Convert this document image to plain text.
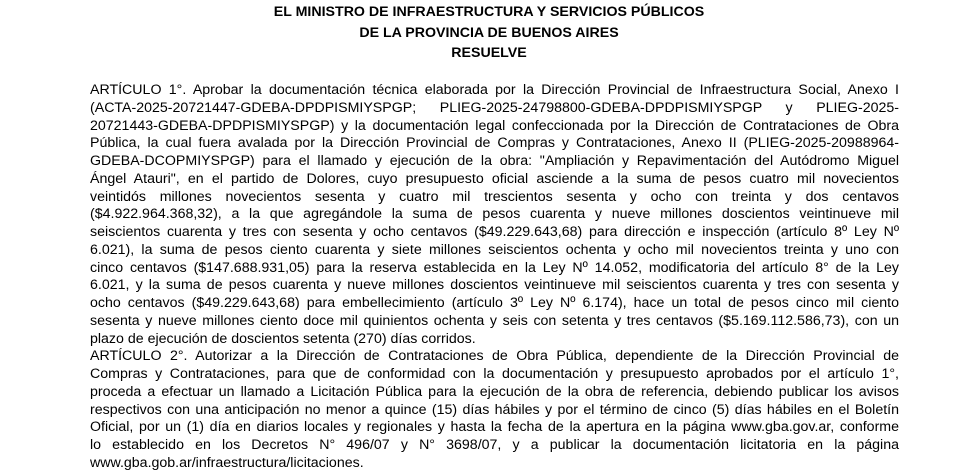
EL MINISTRO DE INFRAESTRUCTURA Y SERVICIOS PÚBLICOS
DE LA PROVINCIA DE BUENOS AIRES
RESUELVE
ARTÍCULO 1°. Aprobar la documentación técnica elaborada por la Dirección Provincial de Infraestructura Social, Anexo I
(ACTA-2025-20721447-GDEBA-DPDPISMIYSPGP; PLIEG-2025-24798800-GDEBA-DPDPISMIYSPGP y PLIEG-2025-
20721443-GDEBA-DPDPISMIYSPGP) y la documentación legal confeccionada por la Dirección de Contrataciones de Obra
Pública, la cual fuera avalada por la Dirección Provincial de Compras y Contrataciones, Anexo II (PLIEG-2025-20988964-
GDEBA-DCOPMIYSPGP) para el llamado y ejecución de la obra: "Ampliación y Repavimentación del Autódromo Miguel
Ángel Atauri", en el partido de Dolores, cuyo presupuesto oficial asciende a la suma de pesos cuatro mil novecientos
veintidós millones novecientos sesenta y cuatro mil trescientos sesenta y ocho con treinta y dos centavos
($4.922.964.368,32), a la que agregándole la suma de pesos cuarenta y nueve millones doscientos veintinueve mil
seiscientos cuarenta y tres con sesenta y ocho centavos ($49.229.643,68) para dirección e inspección (artículo 8º Ley Nº
6.021), la suma de pesos ciento cuarenta y siete millones seiscientos ochenta y ocho mil novecientos treinta y uno con
cinco centavos ($147.688.931,05) para la reserva establecida en la Ley Nº 14.052, modificatoria del artículo 8° de la Ley
6.021, y la suma de pesos cuarenta y nueve millones doscientos veintinueve mil seiscientos cuarenta y tres con sesenta y
ocho centavos ($49.229.643,68) para embellecimiento (artículo 3º Ley Nº 6.174), hace un total de pesos cinco mil ciento
sesenta y nueve millones ciento doce mil quinientos ochenta y seis con setenta y tres centavos ($5.169.112.586,73), con un
plazo de ejecución de doscientos setenta (270) días corridos.
ARTÍCULO 2°. Autorizar a la Dirección de Contrataciones de Obra Pública, dependiente de la Dirección Provincial de
Compras y Contrataciones, para que de conformidad con la documentación y presupuesto aprobados por el artículo 1°,
proceda a efectuar un llamado a Licitación Pública para la ejecución de la obra de referencia, debiendo publicar los avisos
respectivos con una anticipación no menor a quince (15) días hábiles y por el término de cinco (5) días hábiles en el Boletín
Oficial, por un (1) día en diarios locales y regionales y hasta la fecha de la apertura en la página www.gba.gov.ar, conforme
lo establecido en los Decretos N° 496/07 y N° 3698/07, y a publicar la documentación licitatoria en la página
www.gba.gob.ar/infraestructura/licitaciones.
